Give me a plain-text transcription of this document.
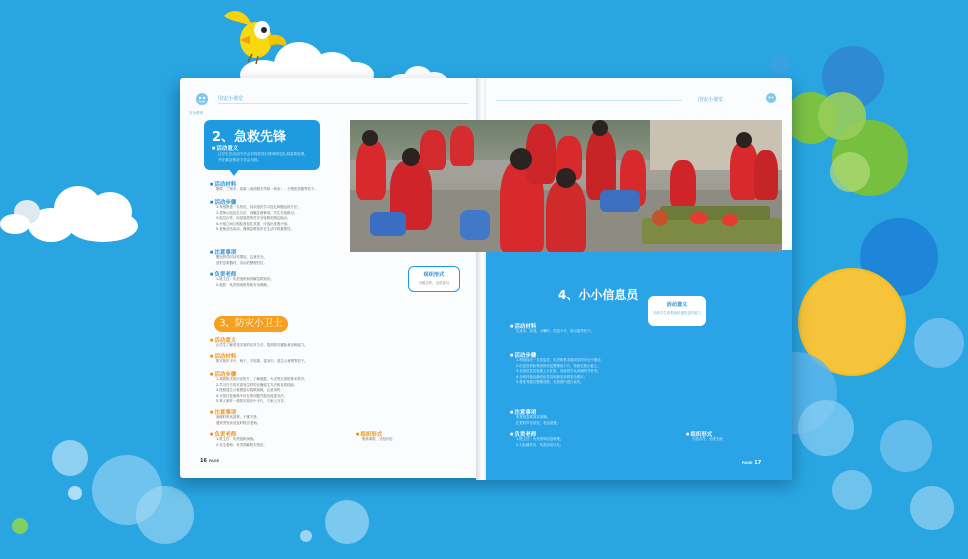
安全教育
国安小课堂
2、急救先锋
■ 活动意义
让学生在活动中学会对同伴进行简单的包扎和急救处理，
并在紧急情况下学会自救。
■ 活动材料
绷带、三角巾、担架（或两根长竿和一块布）、小型医药箱等若干。
■ 活动步骤
1.每组推选一名伤员，其余组员学习包扎和搬运的方法；
2.老师示范包扎方法，讲解注意事项，学生分组练习；
3.组员合作，用担架将伤员安全转移到指定地点；
4.小组之间互相检查包扎效果，评选出优胜小组；
5.老师总结活动，强调急救知识在生活中的重要性。
■ 注意事项
搬运伤员时动作要轻，注意安全。
爱护急救器材，活动后整理归位。
■ 负责老师
1.班主任：负责组织和讲解急救知识。
2.校医：负责现场指导和安全保障。
组织形式
分组合作，全员参与
3、防灾小卫士
■ 活动意义
让学生了解常见灾害的应对方法，提高防灾避险意识和能力。
■ 活动材料
防灾知识卡片、哨子、手电筒、湿毛巾、逃生示意图等若干。
■ 活动步骤
1.观看防灾知识宣传片，了解地震、火灾等灾害的基本常识；
2.学习在不同灾害发生时的正确逃生方法和自救技能；
3.按照逃生示意图进行疏散演练，记录用时；
4.分组讨论演练中存在的问题并提出改进办法；
5.每人制作一张防灾知识小卡片，与家人分享。
■ 注意事项
演练时听从指挥，不推不挤。
遇到突发状况及时报告老师。
■ 负责老师
1.班主任：负责组织演练。
2.安全老师：负责讲解防灾知识。
■ 组织形式
集体演练，分组讨论
16 PAGE
国安小课堂
4、小小信息员
活动意义
培养学生收集和传递信息的能力
■ 活动材料
记录本、彩笔、小喇叭、信息卡片、展示板等若干。
■ 活动步骤
1.每组选出一名信息员，负责收集本组同学的安全小建议；
2.信息员将收集到的信息整理成卡片，张贴在展示板上；
3.各组信息员轮流上台汇报，其他同学认真倾听并补充；
4.全班评选出最佳信息员和最实用的安全建议；
5.将优秀建议整理成册，在校园内进行宣传。
■ 注意事项
收集信息要真实准确。
汇报时声音洪亮，表达清楚。
■ 负责老师
1.班主任：负责指导信息收集。
2.大队辅导员：负责活动评比。
■ 组织形式
小组合作，全班交流
PAGE 17
